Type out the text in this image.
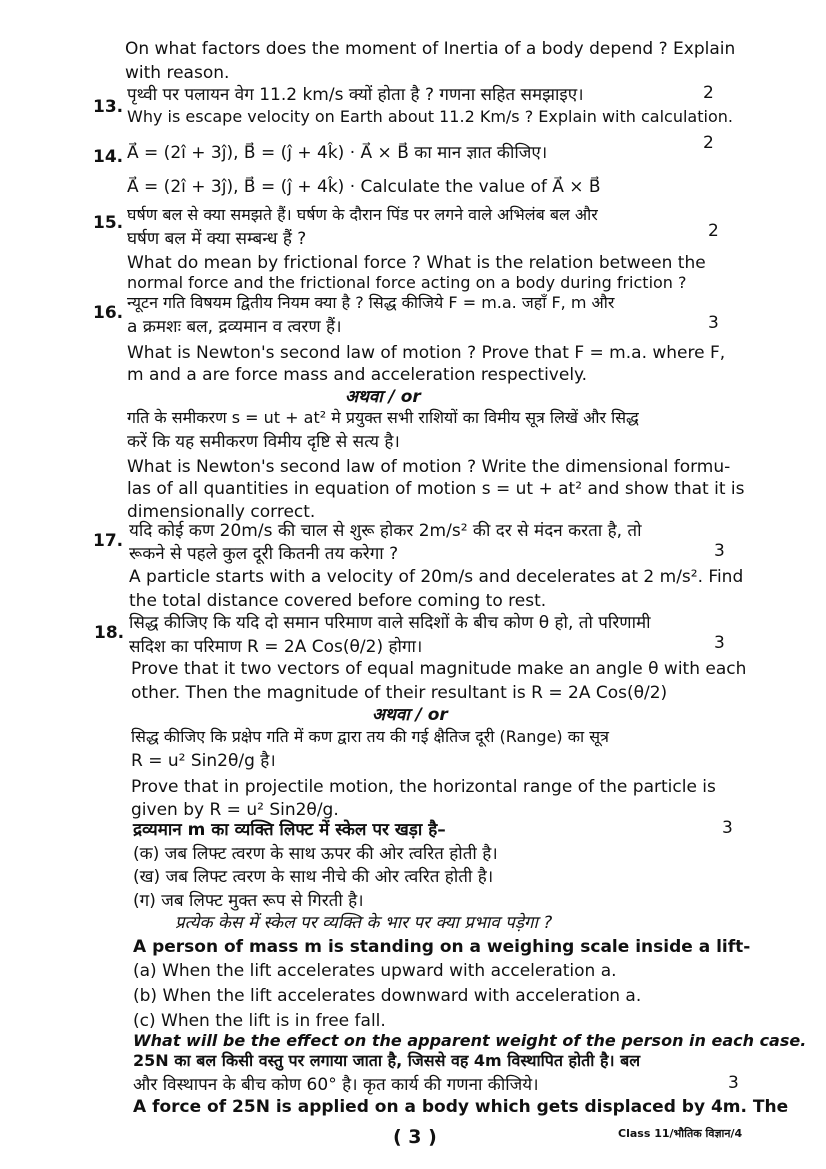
On what factors does the moment of Inertia of a body depend ? Explain
with reason.
13.
पृथ्वी पर पलायन वेग 11.2 km/s क्यों होता है ? गणना सहित समझाइए।	2
Why is escape velocity on Earth about 11.2 Km/s ? Explain with calculation.
14. A⃗ = (2î + 3ĵ), B⃗ = (ĵ + 4k̂) · A⃗ × B⃗ का मान ज्ञात कीजिए।	2
A⃗ = (2î + 3ĵ), B⃗ = (ĵ + 4k̂) · Calculate the value of A⃗ × B⃗
15. घर्षण बल से क्या समझते हैं। घर्षण के दौरान पिंड पर लगने वाले अभिलंब बल और
घर्षण बल में क्या सम्बन्ध हैं ?	2
What do mean by frictional force ? What is the relation between the
normal force and the frictional force acting on a body during friction ?
16.
न्यूटन गति विषयम द्वितीय नियम क्या है ? सिद्ध कीजिये F = m.a. जहाँ F, m और
a क्रमशः बल, द्रव्यमान व त्वरण हैं।	3
What is Newton's second law of motion ? Prove that F = m.a. where F,
m and a are force mass and acceleration respectively.
अथवा / or
गति के समीकरण s = ut + at² मे प्रयुक्त सभी राशियों का विमीय सूत्र लिखें और सिद्ध
करें कि यह समीकरण विमीय दृष्टि से सत्य है।
What is Newton's second law of motion ? Write the dimensional formu-
las of all quantities in equation of motion s = ut + at² and show that it is
dimensionally correct.
17. यदि कोई कण 20m/s की चाल से शुरू होकर 2m/s² की दर से मंदन करता है, तो
रूकने से पहले कुल दूरी कितनी तय करेगा ?	3
A particle starts with a velocity of 20m/s and decelerates at 2 m/s². Find
the total distance covered before coming to rest.
18. सिद्ध कीजिए कि यदि दो समान परिमाण वाले सदिशों के बीच कोण θ हो, तो परिणामी
सदिश का परिमाण R = 2A Cos(θ/2) होगा।	3
Prove that it two vectors of equal magnitude make an angle θ with each
other. Then the magnitude of their resultant is R = 2A Cos(θ/2)
अथवा / or
सिद्ध कीजिए कि प्रक्षेप गति में कण द्वारा तय की गई क्षैतिज दूरी (Range) का सूत्र
R = u² Sin2θ/g है।
Prove that in projectile motion, the horizontal range of the particle is
given by R = u² Sin2θ/g.
द्रव्यमान m का व्यक्ति लिफ्ट में स्केल पर खड़ा है–	3
(क) जब लिफ्ट त्वरण के साथ ऊपर की ओर त्वरित होती है।
(ख) जब लिफ्ट त्वरण के साथ नीचे की ओर त्वरित होती है।
(ग) जब लिफ्ट मुक्त रूप से गिरती है।
प्रत्येक केस में स्केल पर व्यक्ति के भार पर क्या प्रभाव पड़ेगा ?
A person of mass m is standing on a weighing scale inside a lift-
(a) When the lift accelerates upward with acceleration a.
(b) When the lift accelerates downward with acceleration a.
(c) When the lift is in free fall.
What will be the effect on the apparent weight of the person in each case.
25N का बल किसी वस्तु पर लगाया जाता है, जिससे वह 4m विस्थापित होती है। बल
और विस्थापन के बीच कोण 60° है। कृत कार्य की गणना कीजिये।	3
A force of 25N is applied on a body which gets displaced by 4m. The
( 3 )	Class 11/भौतिक विज्ञान/4
